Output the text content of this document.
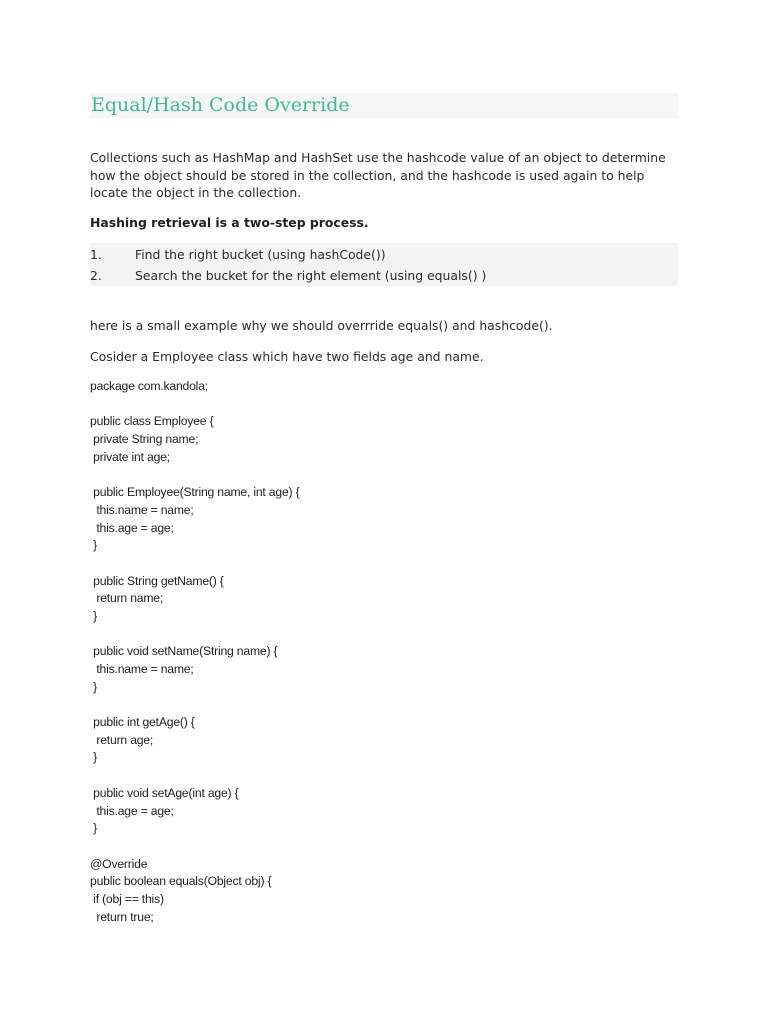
Equal/Hash Code Override
Collections such as HashMap and HashSet use the hashcode value of an object to determine
how the object should be stored in the collection, and the hashcode is used again to help
locate the object in the collection.
Hashing retrieval is a two-step process.
1.	Find the right bucket (using hashCode())
2.	Search the bucket for the right element (using equals() )
here is a small example why we should overrride equals() and hashcode().
Cosider a Employee class which have two fields age and name.
package com.kandola;
public class Employee {
private String name;
private int age;
public Employee(String name, int age) {
this.name = name;
this.age = age;
}
public String getName() {
return name;
}
public void setName(String name) {
this.name = name;
}
public int getAge() {
return age;
}
public void setAge(int age) {
this.age = age;
}
@Override
public boolean equals(Object obj) {
if (obj == this)
return true;
